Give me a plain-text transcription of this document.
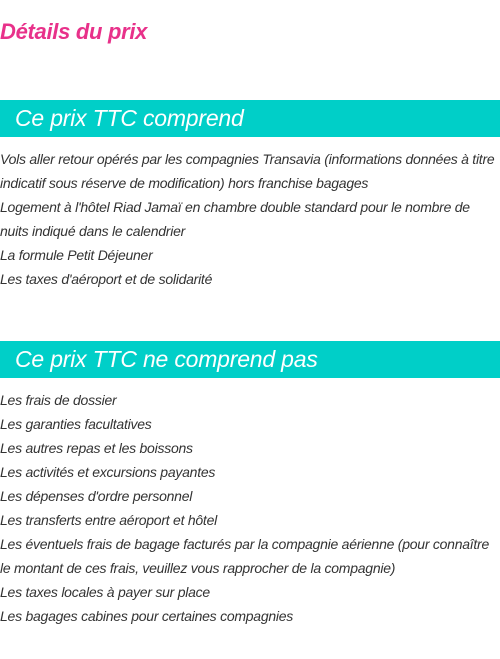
Détails du prix
Ce prix TTC comprend
Vols aller retour opérés par les compagnies Transavia (informations données à titre indicatif sous réserve de modification) hors franchise bagages
Logement à l'hôtel Riad Jamaï en chambre double standard pour le nombre de nuits indiqué dans le calendrier
La formule Petit Déjeuner
Les taxes d'aéroport et de solidarité
Ce prix TTC ne comprend pas
Les frais de dossier
Les garanties facultatives
Les autres repas et les boissons
Les activités et excursions payantes
Les dépenses d'ordre personnel
Les transferts entre aéroport et hôtel
Les éventuels frais de bagage facturés par la compagnie aérienne (pour connaître le montant de ces frais, veuillez vous rapprocher de la compagnie)
Les taxes locales à payer sur place
Les bagages cabines pour certaines compagnies
